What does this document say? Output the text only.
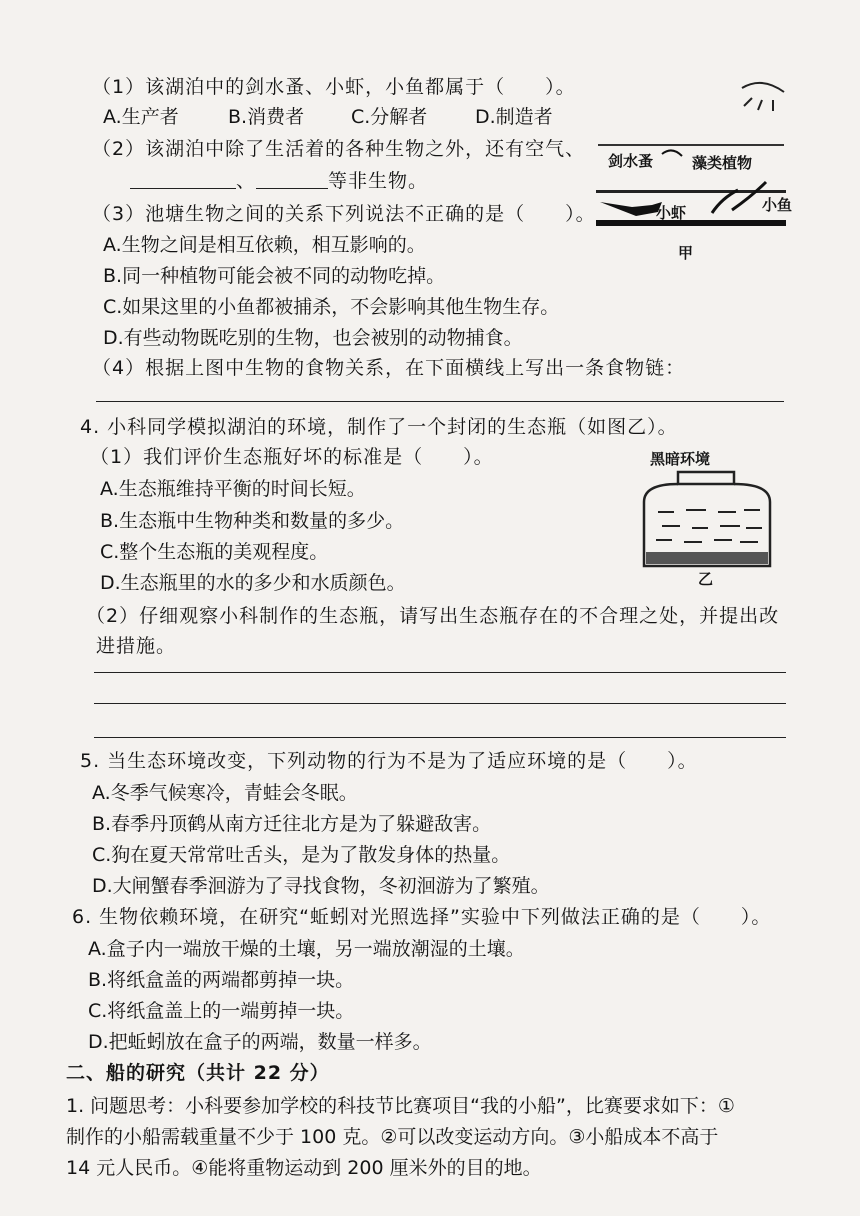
（1）该湖泊中的剑水蚤、小虾，小鱼都属于（　　）。
A.生产者	B.消费者 C.分解者	D.制造者
（2）该湖泊中除了生活着的各种生物之外，还有空气、
、	等非生物。
（3）池塘生物之间的关系下列说法不正确的是（　　）。
A.生物之间是相互依赖，相互影响的。
B.同一种植物可能会被不同的动物吃掉。
C.如果这里的小鱼都被捕杀，不会影响其他生物生存。
D.有些动物既吃别的生物，也会被别的动物捕食。
（4）根据上图中生物的食物关系，在下面横线上写出一条食物链：
剑水蚤	藻类植物
小虾	小鱼
甲
4. 小科同学模拟湖泊的环境，制作了一个封闭的生态瓶（如图乙）。
（1）我们评价生态瓶好坏的标准是（　　）。
A.生态瓶维持平衡的时间长短。
B.生态瓶中生物种类和数量的多少。
C.整个生态瓶的美观程度。
D.生态瓶里的水的多少和水质颜色。
（2）仔细观察小科制作的生态瓶，请写出生态瓶存在的不合理之处，并提出改
进措施。
黑暗环境
乙
5. 当生态环境改变，下列动物的行为不是为了适应环境的是（　　）。
A.冬季气候寒冷，青蛙会冬眠。
B.春季丹顶鹤从南方迁往北方是为了躲避敌害。
C.狗在夏天常常吐舌头，是为了散发身体的热量。
D.大闸蟹春季洄游为了寻找食物，冬初洄游为了繁殖。
6. 生物依赖环境，在研究“蚯蚓对光照选择”实验中下列做法正确的是（　　）。
A.盒子内一端放干燥的土壤，另一端放潮湿的土壤。
B.将纸盒盖的两端都剪掉一块。
C.将纸盒盖上的一端剪掉一块。
D.把蚯蚓放在盒子的两端，数量一样多。
二、船的研究（共计 22 分）
1. 问题思考：小科要参加学校的科技节比赛项目“我的小船”，比赛要求如下：①
制作的小船需载重量不少于 100 克。②可以改变运动方向。③小船成本不高于
14 元人民币。④能将重物运动到 200 厘米外的目的地。
